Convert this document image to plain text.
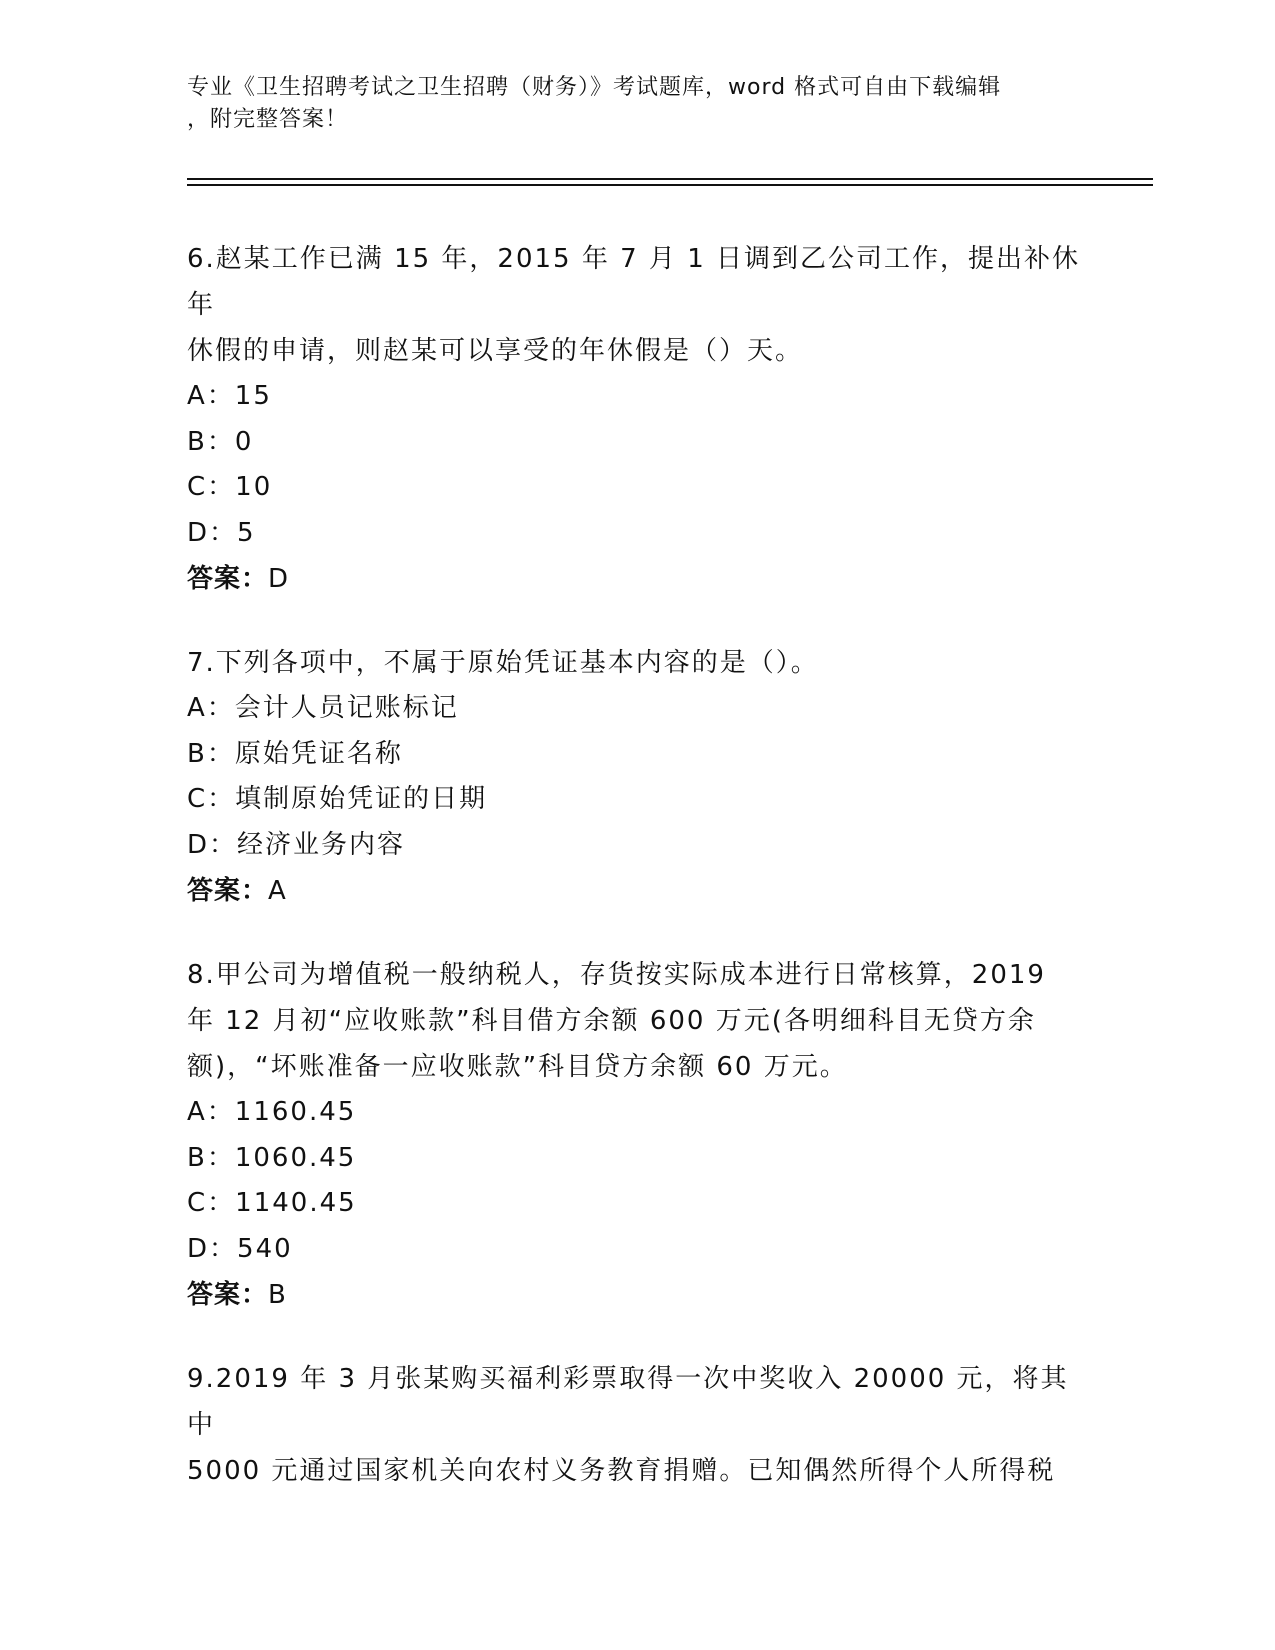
专业《卫生招聘考试之卫生招聘（财务）》考试题库，word 格式可自由下载编辑
，附完整答案！
6.赵某工作已满 15 年，2015 年 7 月 1 日调到乙公司工作，提出补休年
休假的申请，则赵某可以享受的年休假是（）天。
A：15
B：0
C：10
D：5
答案：D
7.下列各项中，不属于原始凭证基本内容的是（）。
A：会计人员记账标记
B：原始凭证名称
C：填制原始凭证的日期
D：经济业务内容
答案：A
8.甲公司为增值税一般纳税人，存货按实际成本进行日常核算，2019
年 12 月初“应收账款”科目借方余额 600 万元(各明细科目无贷方余
额)，“坏账准备一应收账款”科目贷方余额 60 万元。
A：1160.45
B：1060.45
C：1140.45
D：540
答案：B
9.2019 年 3 月张某购买福利彩票取得一次中奖收入 20000 元，将其中
5000 元通过国家机关向农村义务教育捐赠。已知偶然所得个人所得税
